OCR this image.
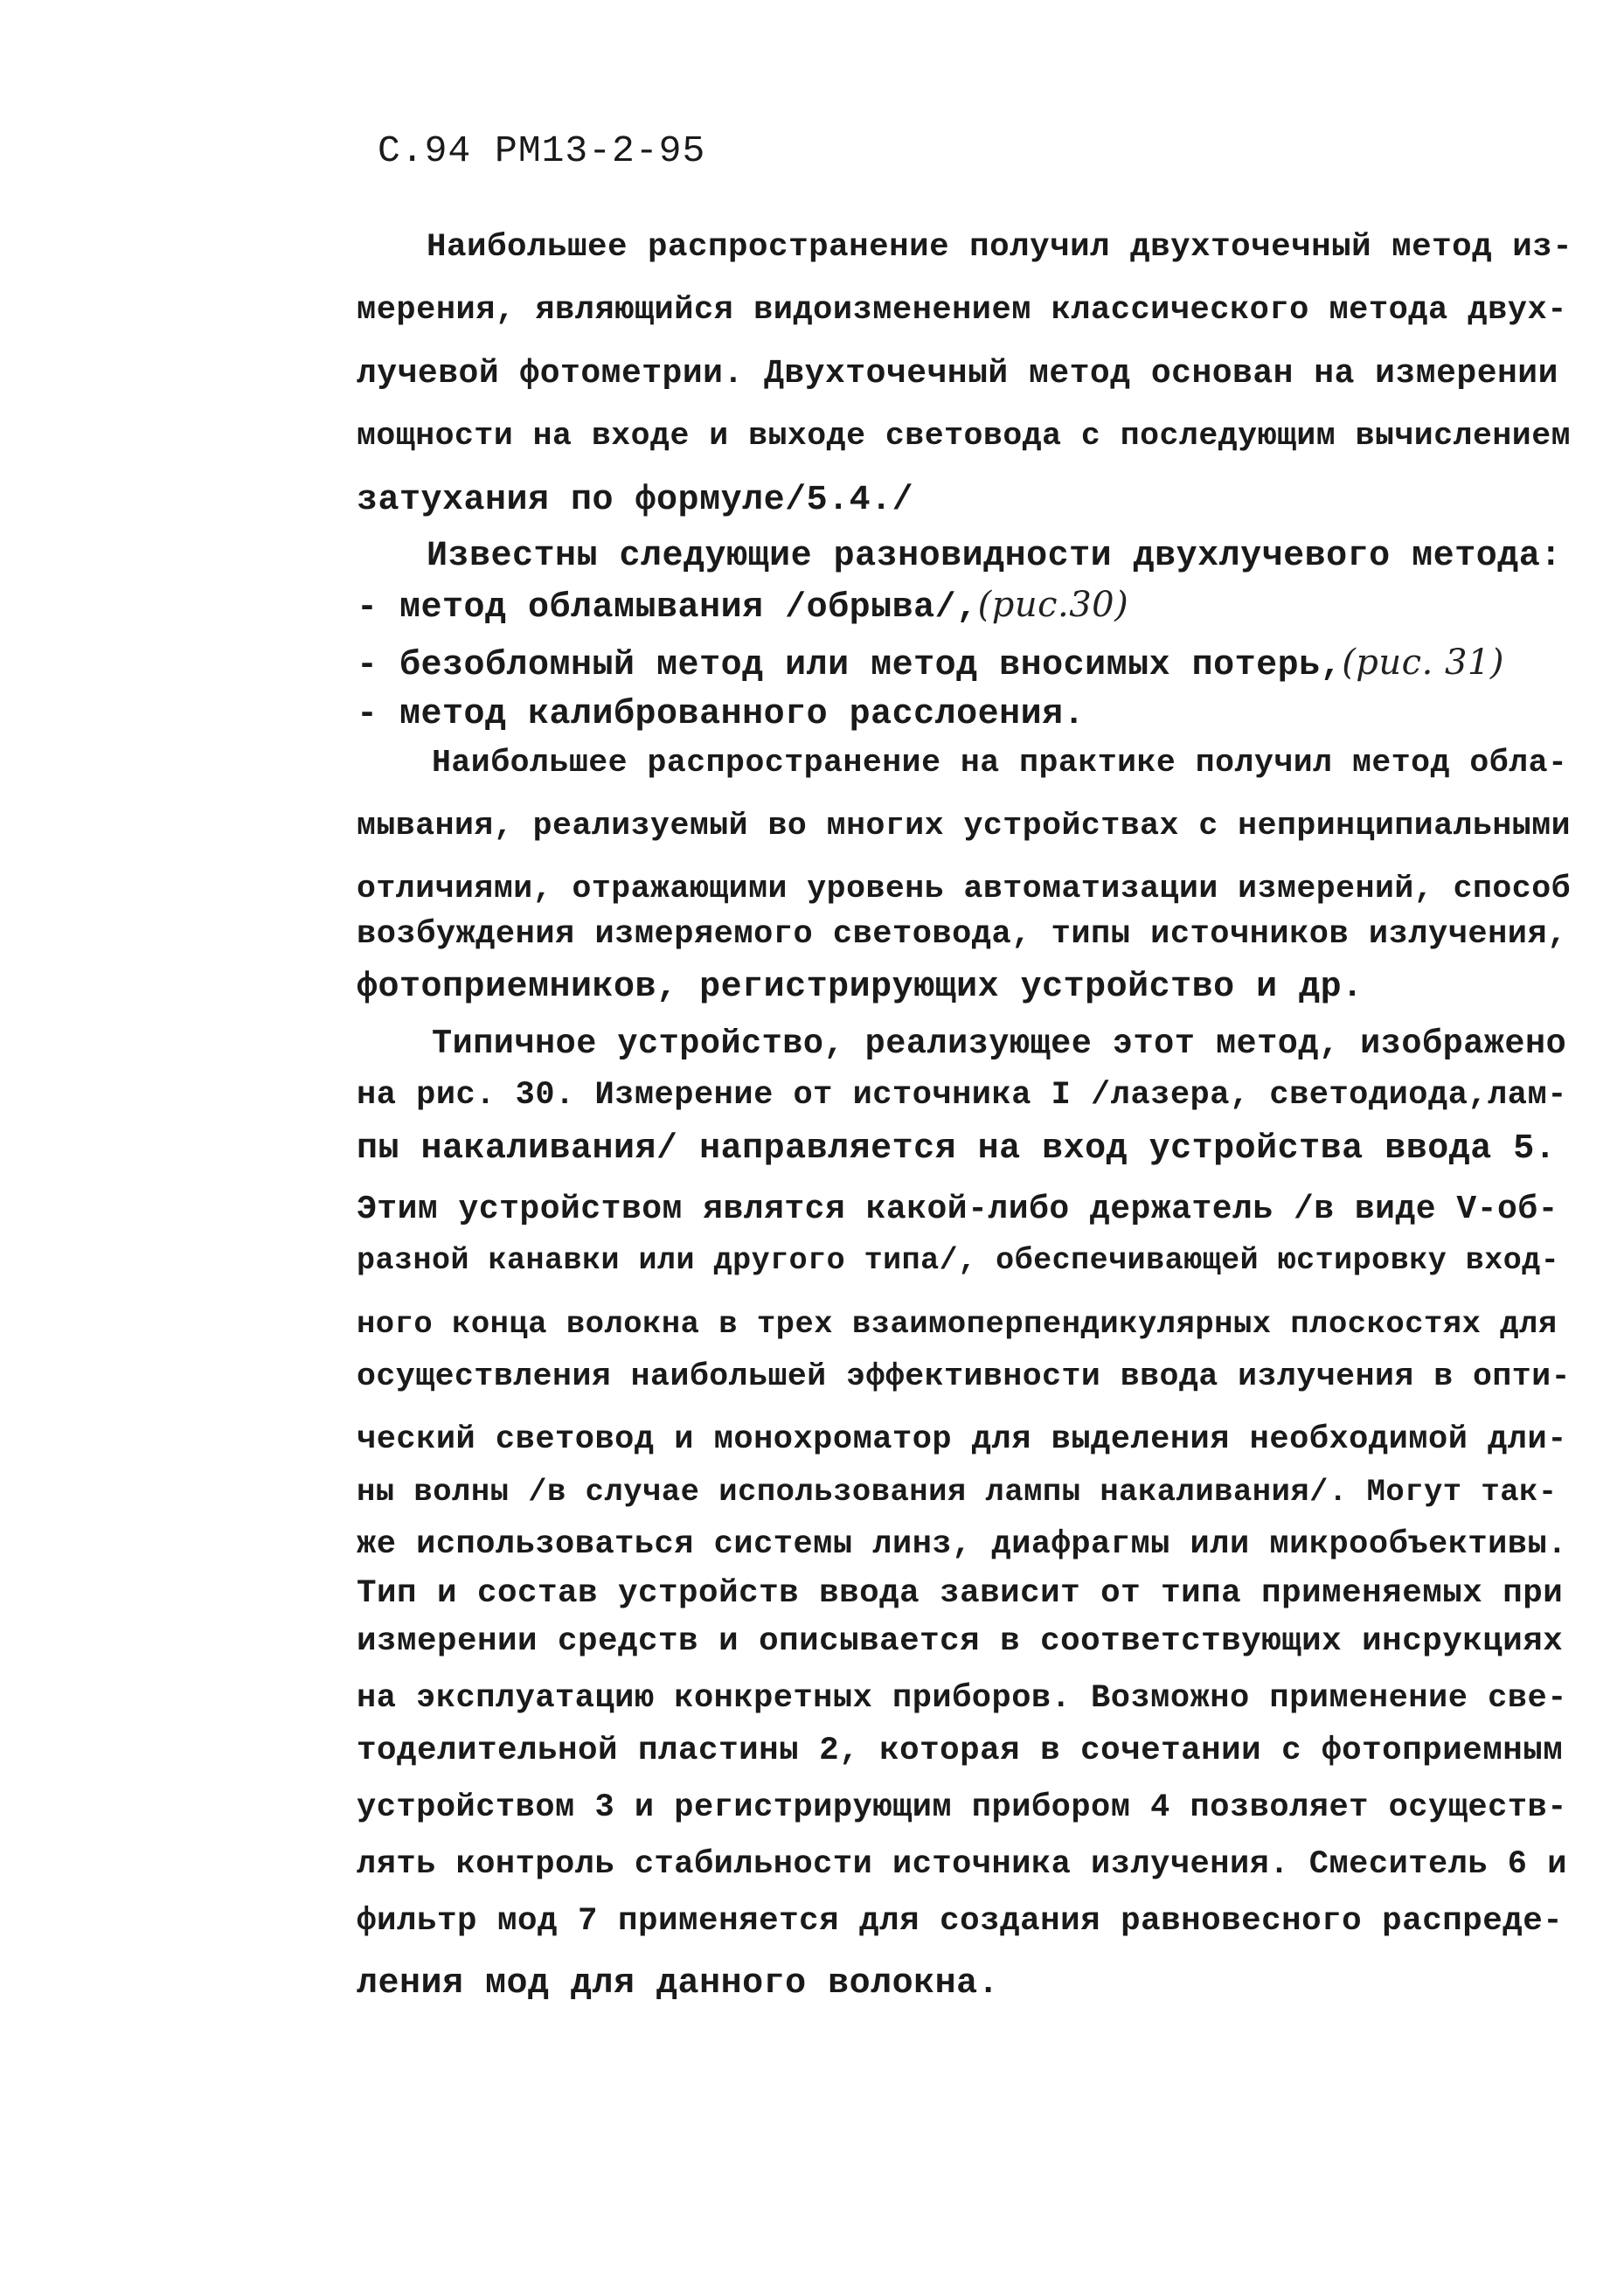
С.94 РМ13-2-95
Наибольшее распространение получил двухточечный метод из-
мерения, являющийся видоизменением классического метода двух-
лучевой фотометрии. Двухточечный метод основан на измерении
мощности на входе и выходе световода с последующим вычислением
затухания по формуле/5.4./
Известны следующие разновидности двухлучевого метода:
- метод обламывания /обрыва/,(рис.30)
- безобломный метод или метод вносимых потерь,(рис. 31)
- метод калиброванного расслоения.
Наибольшее распространение на практике получил метод обла-
мывания, реализуемый во многих устройствах с непринципиальными
отличиями, отражающими уровень автоматизации измерений, способ
возбуждения измеряемого световода, типы источников излучения,
фотоприемников, регистрирующих устройство и др.
Типичное устройство, реализующее этот метод, изображено
на рис. 30. Измерение от источника I /лазера, светодиода,лам-
пы накаливания/ направляется на вход устройства ввода 5.
Этим устройством являтся какой-либо держатель /в виде V-об-
разной канавки или другого типа/, обеспечивающей юстировку вход-
ного конца волокна в трех взаимоперпендикулярных плоскостях для
осуществления наибольшей эффективности ввода излучения в опти-
ческий световод и монохроматор для выделения необходимой дли-
ны волны /в случае использования лампы накаливания/. Могут так-
же использоваться системы линз, диафрагмы или микрообъективы.
Тип и состав устройств ввода зависит от типа применяемых при
измерении средств и описывается в соответствующих инсрукциях
на эксплуатацию конкретных приборов. Возможно применение све-
тоделительной пластины 2, которая в сочетании с фотоприемным
устройством 3 и регистрирующим прибором 4 позволяет осуществ-
лять контроль стабильности источника излучения. Смеситель 6 и
фильтр мод 7 применяется для создания равновесного распреде-
ления мод для данного волокна.
